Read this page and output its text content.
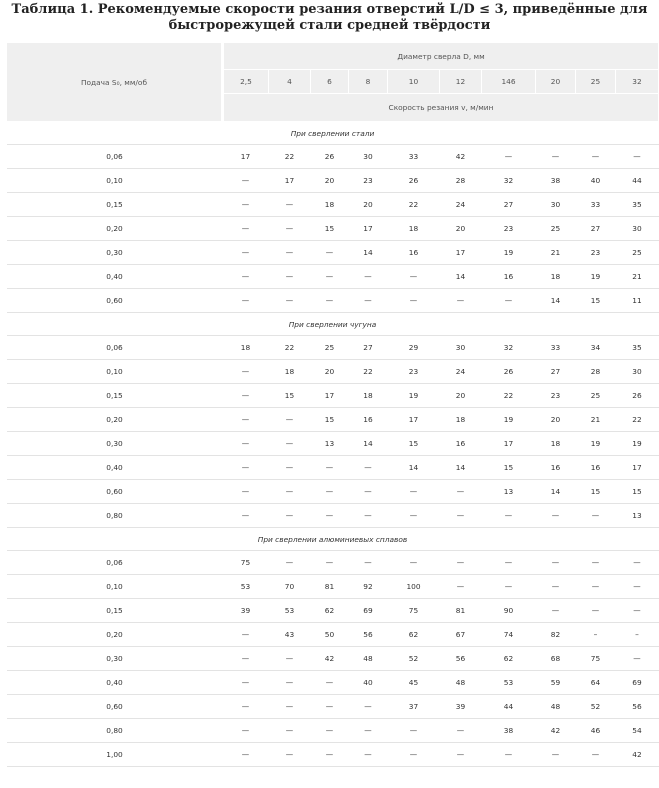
Таблица 1. Рекомендуемые скорости резания отверстий L/D ≤ 3, приведённые для быстрорежущей стали средней твёрдости
Подача S₀, мм/об	Диаметр сверла D, мм									
	2,5	4	6	8	10	12	146	20	25	32
	Скорость резания v, м/мин									
При сверлении стали										
0,06	17	22	26	30	33	42	—	—	—	—
0,10	—	17	20	23	26	28	32	38	40	44
0,15	—	—	18	20	22	24	27	30	33	35
0,20	—	—	15	17	18	20	23	25	27	30
0,30	—	—	—	14	16	17	19	21	23	25
0,40	—	—	—	—	—	14	16	18	19	21
0,60	—	—	—	—	—	—	—	14	15	11
При сверлении чугуна										
0,06	18	22	25	27	29	30	32	33	34	35
0,10	—	18	20	22	23	24	26	27	28	30
0,15	—	15	17	18	19	20	22	23	25	26
0,20	—	—	15	16	17	18	19	20	21	22
0,30	—	—	13	14	15	16	17	18	19	19
0,40	—	—	—	—	14	14	15	16	16	17
0,60	—	—	—	—	—	—	13	14	15	15
0,80	—	—	—	—	—	—	—	—	—	13
При сверлении алюминиевых сплавов										
0,06	75	—	—	—	—	—	—	—	—	—
0,10	53	70	81	92	100	—	—	—	—	—
0,15	39	53	62	69	75	81	90	—	—	—
0,20	—	43	50	56	62	67	74	82	–	–
0,30	—	—	42	48	52	56	62	68	75	—
0,40	—	—	—	40	45	48	53	59	64	69
0,60	—	—	—	—	37	39	44	48	52	56
0,80	—	—	—	—	—	—	38	42	46	54
1,00	—	—	—	—	—	—	—	—	—	42
